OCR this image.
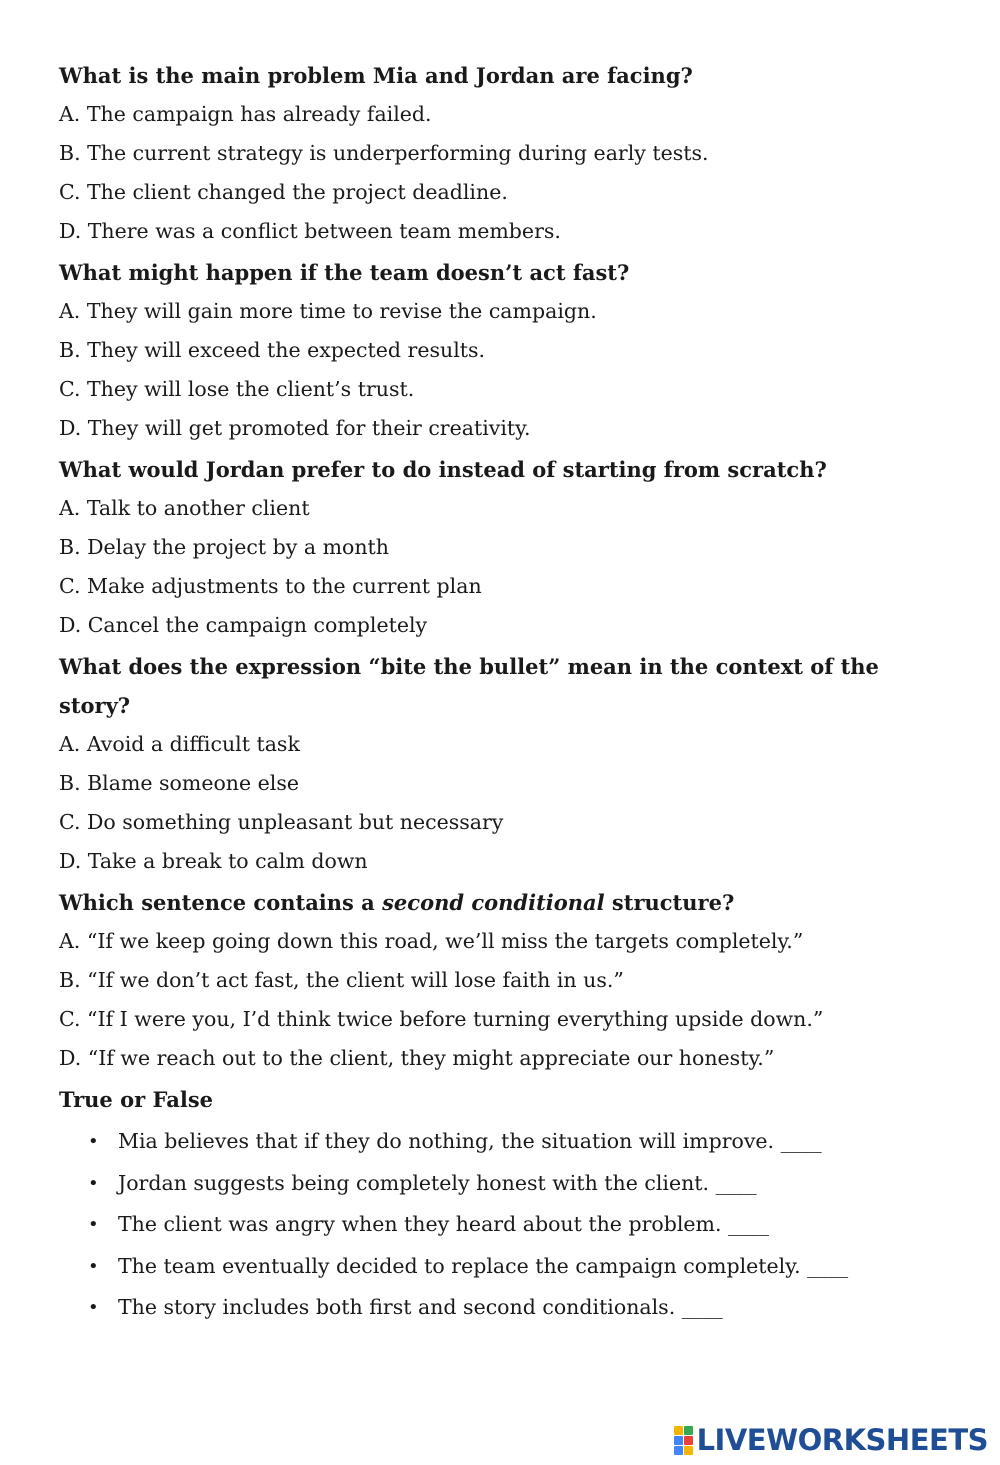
What is the main problem Mia and Jordan are facing?

A. The campaign has already failed.

B. The current strategy is underperforming during early tests.

C. The client changed the project deadline.

D. There was a conflict between team members.

What might happen if the team doesn’t act fast?

A. They will gain more time to revise the campaign.

B. They will exceed the expected results.

C. They will lose the client’s trust.

D. They will get promoted for their creativity.

What would Jordan prefer to do instead of starting from scratch?

A. Talk to another client

B. Delay the project by a month

C. Make adjustments to the current plan

D. Cancel the campaign completely

What does the expression “bite the bullet” mean in the context of the

story?

A. Avoid a difficult task

B. Blame someone else

C. Do something unpleasant but necessary

D. Take a break to calm down

Which sentence contains a second conditional structure?

A. “If we keep going down this road, we’ll miss the targets completely.”

B. “If we don’t act fast, the client will lose faith in us.”

C. “If I were you, I’d think twice before turning everything upside down.”

D. “If we reach out to the client, they might appreciate our honesty.”

True or False

• Mia believes that if they do nothing, the situation will improve. ____
• Jordan suggests being completely honest with the client. ____
• The client was angry when they heard about the problem. ____
• The team eventually decided to replace the campaign completely. ____
• The story includes both first and second conditionals. ____
LIVEWORKSHEETS
